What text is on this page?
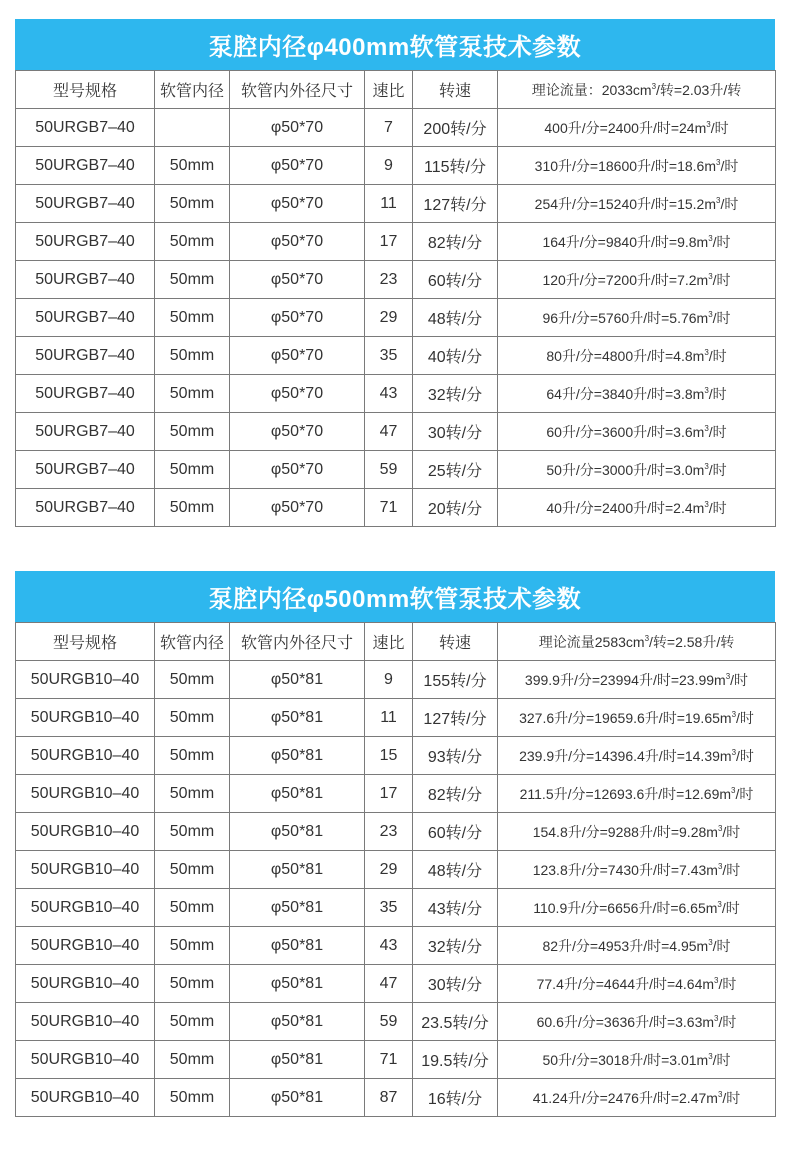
泵腔内径φ400mm软管泵技术参数
型号规格	软管内径	软管内外径尺寸	速比	转速	理论流量：$2033cm^3/$转=2.03升/转
50URGB7–40		φ50*70	7	200转/分	400升/分=2400升/时$=24m^3/$时
50URGB7–40	50mm	φ50*70	9	115转/分	310升/分=18600升/时$=18.6m^3/$时
50URGB7–40	50mm	φ50*70	11	127转/分	254升/分=15240升/时$=15.2m^3/$时
50URGB7–40	50mm	φ50*70	17	82转/分	164升/分=9840升/时$=9.8m^3/$时
50URGB7–40	50mm	φ50*70	23	60转/分	120升/分=7200升/时$=7.2m^3/$时
50URGB7–40	50mm	φ50*70	29	48转/分	96升/分=5760升/时$=5.76m^3/$时
50URGB7–40	50mm	φ50*70	35	40转/分	80升/分=4800升/时$=4.8m^3/$时
50URGB7–40	50mm	φ50*70	43	32转/分	64升/分=3840升/时$=3.8m^3/$时
50URGB7–40	50mm	φ50*70	47	30转/分	60升/分=3600升/时$=3.6m^3/$时
50URGB7–40	50mm	φ50*70	59	25转/分	50升/分=3000升/时$=3.0m^3/$时
50URGB7–40	50mm	φ50*70	71	20转/分	40升/分=2400升/时$=2.4m^3/$时
泵腔内径φ500mm软管泵技术参数
型号规格	软管内径	软管内外径尺寸	速比	转速	理论流量$2583cm^3/$转=2.58升/转
50URGB10–40	50mm	φ50*81	9	155转/分	399.9升/分=23994升/时$=23.99m^3/$时
50URGB10–40	50mm	φ50*81	11	127转/分	327.6升/分=19659.6升/时$=19.65m^3/$时
50URGB10–40	50mm	φ50*81	15	93转/分	239.9升/分=14396.4升/时$=14.39m^3/$时
50URGB10–40	50mm	φ50*81	17	82转/分	211.5升/分=12693.6升/时$=12.69m^3/$时
50URGB10–40	50mm	φ50*81	23	60转/分	154.8升/分=9288升/时$=9.28m^3/$时
50URGB10–40	50mm	φ50*81	29	48转/分	123.8升/分=7430升/时$=7.43m^3/$时
50URGB10–40	50mm	φ50*81	35	43转/分	110.9升/分=6656升/时$=6.65m^3/$时
50URGB10–40	50mm	φ50*81	43	32转/分	82升/分=4953升/时$=4.95m^3/$时
50URGB10–40	50mm	φ50*81	47	30转/分	77.4升/分=4644升/时$=4.64m^3/$时
50URGB10–40	50mm	φ50*81	59	23.5转/分	60.6升/分=3636升/时$=3.63m^3/$时
50URGB10–40	50mm	φ50*81	71	19.5转/分	50升/分=3018升/时$=3.01m^3/$时
50URGB10–40	50mm	φ50*81	87	16转/分	41.24升/分=2476升/时$=2.47m^3/$时
